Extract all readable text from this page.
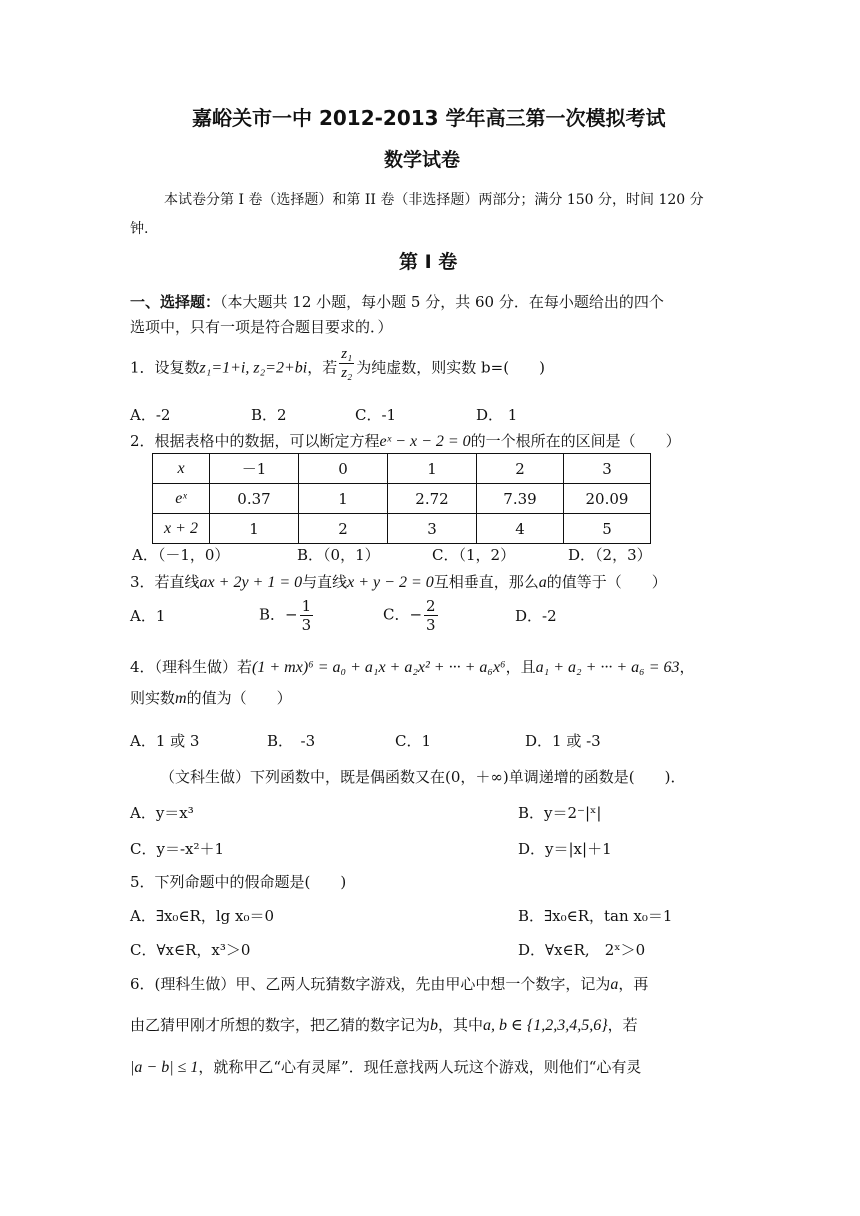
嘉峪关市一中 2012-2013 学年高三第一次模拟考试
数学试卷
本试卷分第 I 卷（选择题）和第 II 卷（非选择题）两部分；满分 150 分，时间 120 分
钟.
第 I 卷
一、选择题：（本大题共 12 小题，每小题 5 分，共 60 分．在每小题给出的四个
选项中，只有一项是符合题目要求的．）
1．设复数z₁=1+i, z₂=2+bi，若 $\frac{\text{z₁}}{\text{z₂}}$ 为纯虚数，则实数 b=(　　)
A．-2	B．2	C．-1	D． 1
2．根据表格中的数据，可以断定方程eˣ − x − 2 = 0的一个根所在的区间是（　　）
x	－1	0	1	2	3
eˣ	0.37	1	2.72	7.39	20.09
x + 2	1	2	3	4	5
A．（－1，0）	B．（0，1）	C．（1，2）	D．（2，3）
3．若直线ax + 2y + 1 = 0与直线x + y − 2 = 0互相垂直，那么a的值等于（　　）
A．1	B．− $\frac{1}{3}$	C．− $\frac{2}{3}$	D．-2
4．（理科生做）若(1 + mx)⁶ = a₀ + a₁x + a₂x² + ··· + a₆x⁶，且a₁ + a₂ + ··· + a₆ = 63，
则实数m的值为（　　）
A．1 或 3	B．　-3	C．1	D．1 或 -3
（文科生做）下列函数中，既是偶函数又在(0，＋∞)单调递增的函数是(　　)．
A．y＝x³	B．y＝2⁻|ˣ|
C．y＝-x²＋1	D．y＝|x|＋1
5．下列命题中的假命题是(　　)
A．∃x₀∈R，lg x₀＝0	B．∃x₀∈R，tan x₀＝1
C．∀x∈R，x³＞0	D．∀x∈R,　2ˣ＞0
6．(理科生做）甲、乙两人玩猜数字游戏，先由甲心中想一个数字，记为a，再
由乙猜甲刚才所想的数字，把乙猜的数字记为b，其中a, b ∈ {1,2,3,4,5,6}，若
|a − b| ≤ 1，就称甲乙“心有灵犀”．现任意找两人玩这个游戏，则他们“心有灵
